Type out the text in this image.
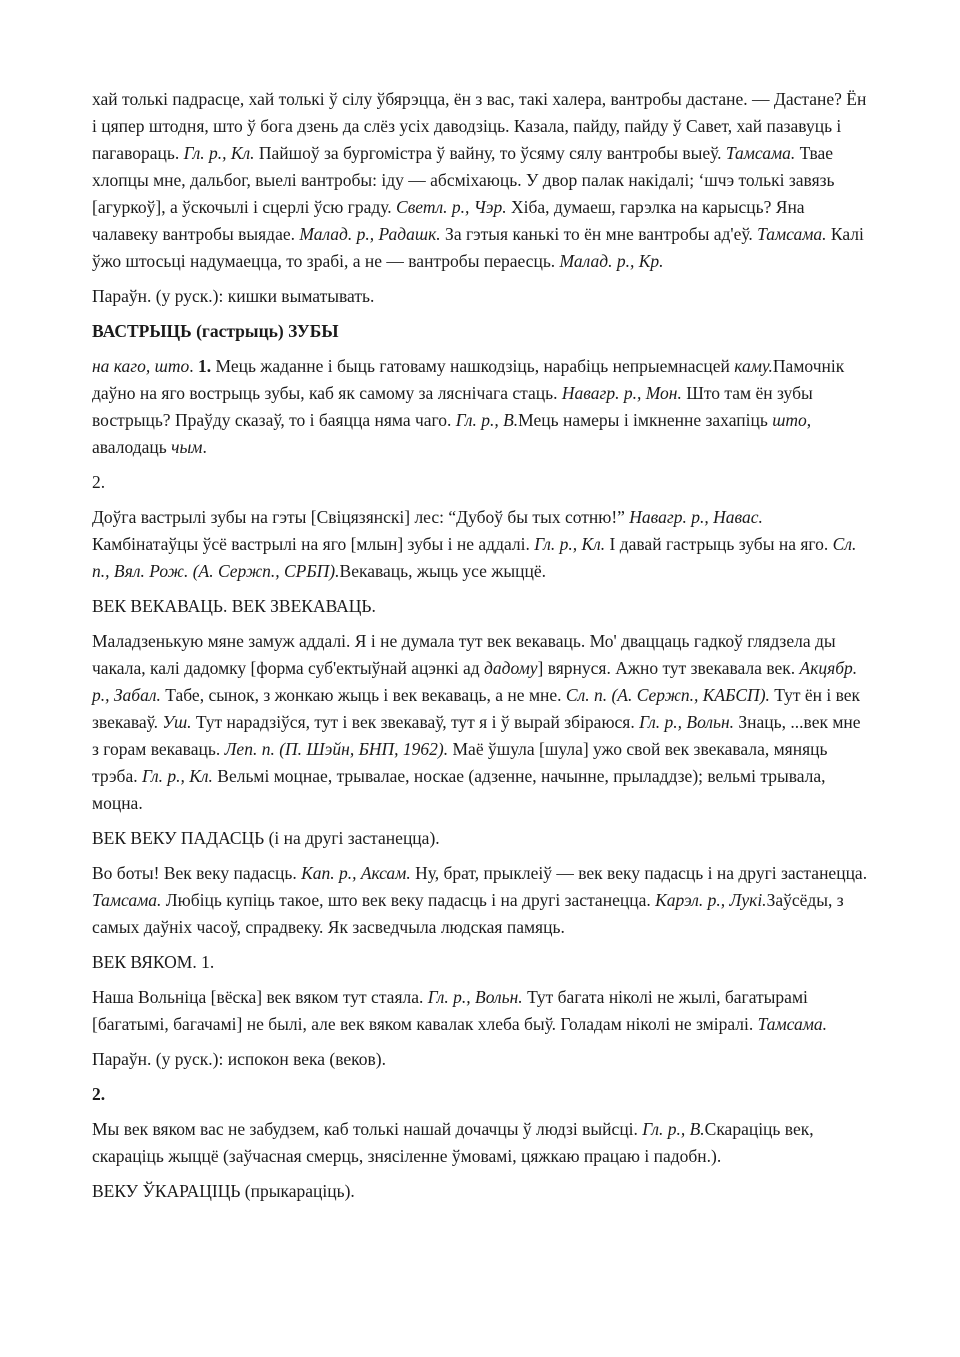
хай толькі падрасце, хай толькі ў сілу ўбярэцца, ён з вас, такі халера, вантробы дастане. — Дастане? Ён і цяпер штодня, што ў бога дзень да слёз усіх даводзіць. Казала, пайду, пайду ў Савет, хай пазавуць і пагавораць. Гл. р., Кл. Пайшоў за бургомістра ў вайну, то ўсяму сялу вантробы выеў. Тамсама. Твае хлопцы мне, дальбог, выелі вантробы: іду — абсміхаюць. У двор палак накідалі; ‘шчэ толькі завязь [агуркоў], а ўскочылі і сцерлі ўсю граду. Светл. р., Чэр. Хіба, думаеш, гарэлка на карысць? Яна чалавеку вантробы выядае. Малад. р., Радашк. За гэтыя канькі то ён мне вантробы ад'еў. Тамсама. Калі ўжо штосьці надумаецца, то зрабі, а не — вантробы пераесць. Малад. р., Кр.

Параўн. (у руск.): кишки выматывать.

ВАСТРЫЦЬ (гастрыць) ЗУБЫ

на каго, што. 1. Мець жаданне і быць гатоваму нашкодзіць, нарабіць непрыемнасцей каму.Памочнік даўно на яго вострыць зубы, каб як самому за ляснічага стаць. Навагр. р., Мон. Што там ён зубы вострыць? Праўду сказаў, то і баяцца няма чаго. Гл. р., В.Мець намеры і імкненне захапіць што, авалодаць чым.

2.

Доўга вастрылі зубы на гэты [Свіцязянскі] лес: “Дубоў бы тых сотню!” Навагр. р., Навас. Камбінатаўцы ўсё вастрылі на яго [млын] зубы і не аддалі. Гл. р., Кл. І давай гастрыць зубы на яго. Сл. п., Вял. Рож. (А. Сержп., СРБП).Векаваць, жыць усе жыццё.

ВЕК ВЕКАВАЦЬ. ВЕК ЗВЕКАВАЦЬ.

Маладзенькую мяне замуж аддалі. Я і не думала тут век векаваць. Мо' дваццаць гадкоў глядзела ды чакала, калі дадомку [форма суб'ектыўнай ацэнкі ад дадому] вярнуся. Ажно тут звекавала век. Акцябр. р., Забал. Табе, сынок, з жонкаю жыць і век векаваць, а не мне. Сл. п. (А. Сержп., КАБСП). Тут ён і век звекаваў. Уш. Тут нарадзіўся, тут і век звекаваў, тут я і ў вырай збіраюся. Гл. р., Вольн. Знаць, ...век мне з горам векаваць. Леп. п. (П. Шэйн, БНП, 1962). Маё ўшула [шула] ужо свой век звекавала, мяняць трэба. Гл. р., Кл. Вельмі моцнае, трывалае, носкае (адзенне, начынне, прыладдзе); вельмі трывала, моцна.

ВЕК ВЕКУ ПАДАСЦЬ (і на другі застанецца).

Во боты! Век веку падасць. Кап. р., Аксам. Ну, брат, прыклеіў — век веку падасць і на другі застанецца. Тамсама. Любіць купіць такое, што век веку падасць і на другі застанецца. Карэл. р., Лукі.Заўсёды, з самых даўніх часоў, спрадвеку. Як засведчыла людская памяць.

ВЕК ВЯКОМ. 1.

Наша Вольніца [вёска] век вяком тут стаяла. Гл. р., Вольн. Тут багата ніколі не жылі, багатырамі [багатымі, багачамі] не былі, але век вяком кавалак хлеба быў. Голадам ніколі не зміралі. Тамсама.

Параўн. (у руск.): испокон века (веков).

2.

Мы век вяком вас не забудзем, каб толькі нашай дочачцы ў людзі выйсці. Гл. р., В.Скараціць век, скараціць жыццё (заўчасная смерць, знясіленне ўмовамі, цяжкаю працаю і падобн.).

ВЕКУ ЎКАРАЦІЦЬ (прыкараціць).
